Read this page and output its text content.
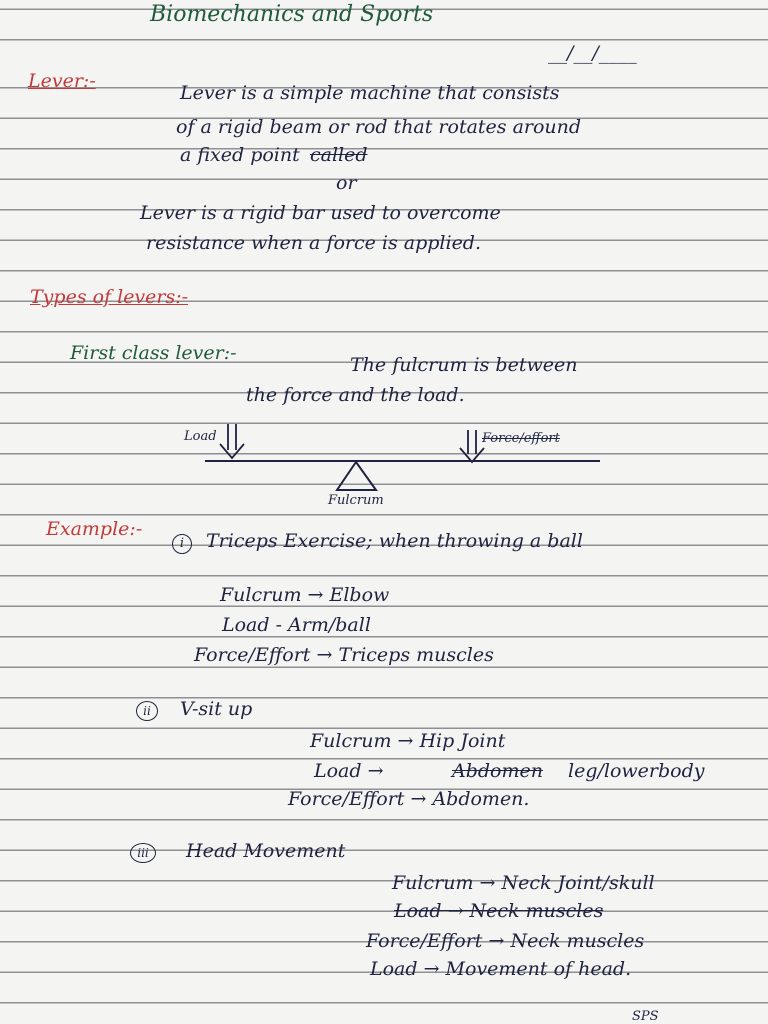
Biomechanics and Sports
__/__/____
Lever:-
Lever is a simple machine that consists
of a rigid beam or rod that rotates around
a fixed point called
or
Lever is a rigid bar used to overcome
resistance when a force is applied.
Types of levers:-
First class lever:-
The fulcrum is between
the force and the load.
Load	Force/effort
Fulcrum
Example:-
i	Triceps Exercise; when throwing a ball
Fulcrum → Elbow
Load - Arm/ball
Force/Effort → Triceps muscles
ii	V-sit up
Fulcrum → Hip Joint
Load →	Abdomen leg/lowerbody
Force/Effort → Abdomen.
iii	Head Movement
Fulcrum → Neck Joint/skull
Load → Neck muscles
Force/Effort → Neck muscles
Load → Movement of head.
SPS
